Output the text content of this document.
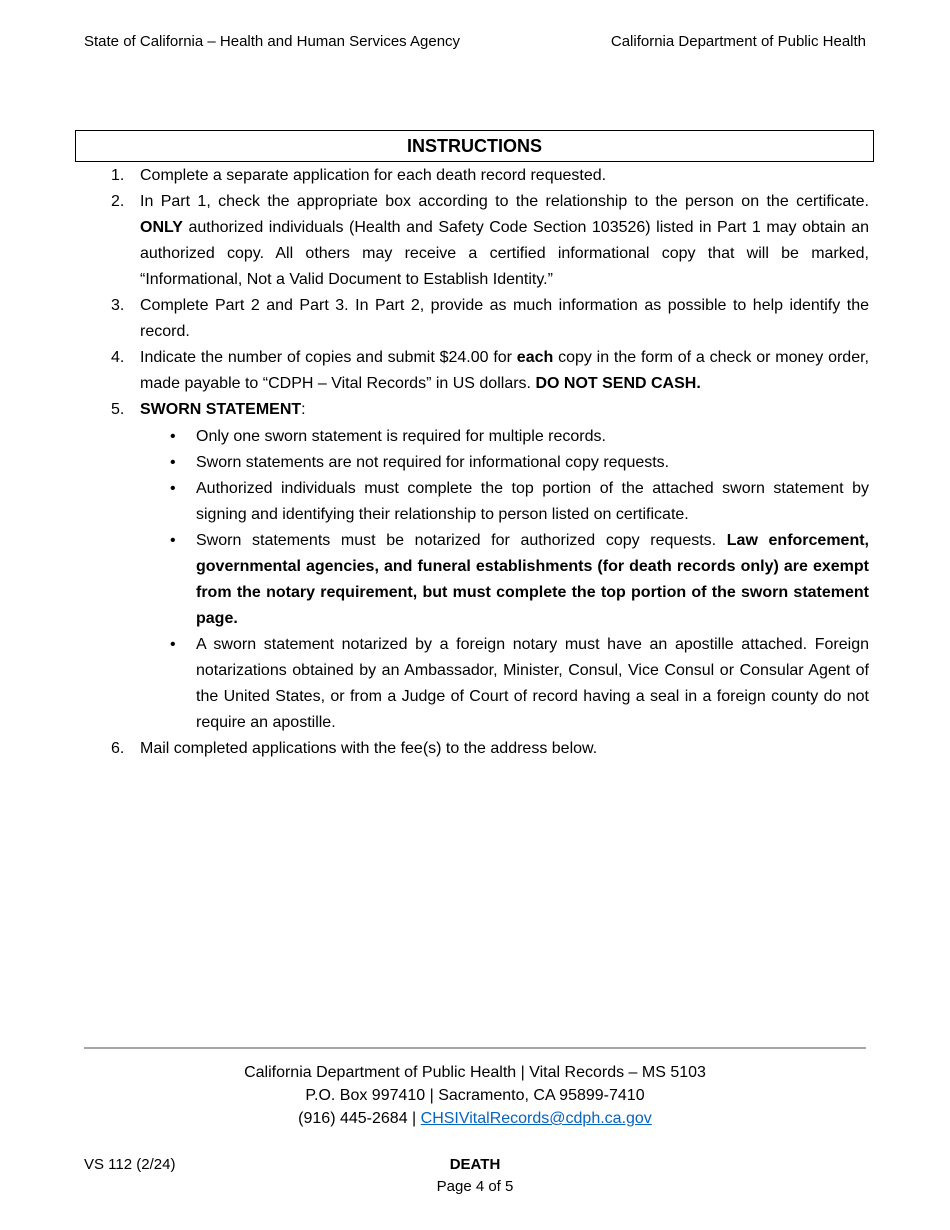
State of California – Health and Human Services Agency	California Department of Public Health
INSTRUCTIONS
1. Complete a separate application for each death record requested.
2. In Part 1, check the appropriate box according to the relationship to the person on the certificate. ONLY authorized individuals (Health and Safety Code Section 103526) listed in Part 1 may obtain an authorized copy. All others may receive a certified informational copy that will be marked, “Informational, Not a Valid Document to Establish Identity.”
3. Complete Part 2 and Part 3. In Part 2, provide as much information as possible to help identify the record.
4. Indicate the number of copies and submit $24.00 for each copy in the form of a check or money order, made payable to “CDPH – Vital Records” in US dollars. DO NOT SEND CASH.
5. SWORN STATEMENT:
• Only one sworn statement is required for multiple records.
• Sworn statements are not required for informational copy requests.
• Authorized individuals must complete the top portion of the attached sworn statement by signing and identifying their relationship to person listed on certificate.
• Sworn statements must be notarized for authorized copy requests. Law enforcement, governmental agencies, and funeral establishments (for death records only) are exempt from the notary requirement, but must complete the top portion of the sworn statement page.
• A sworn statement notarized by a foreign notary must have an apostille attached. Foreign notarizations obtained by an Ambassador, Minister, Consul, Vice Consul or Consular Agent of the United States, or from a Judge of Court of record having a seal in a foreign county do not require an apostille.
6. Mail completed applications with the fee(s) to the address below.
California Department of Public Health | Vital Records – MS 5103
P.O. Box 997410 | Sacramento, CA 95899-7410
(916) 445-2684 | CHSIVitalRecords@cdph.ca.gov
VS 112 (2/24)	DEATH
Page 4 of 5
